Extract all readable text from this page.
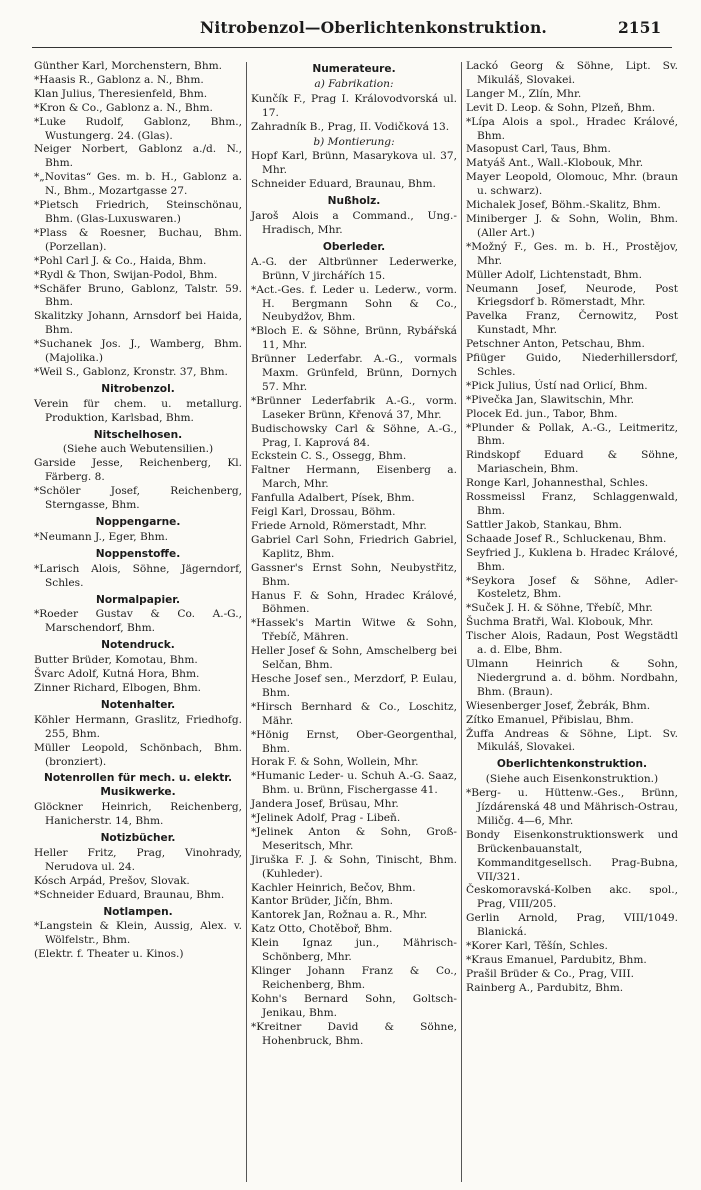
Nitrobenzol—Oberlichtenkonstruktion.	2151

Günther Karl, Morchenstern, Bhm.

*Haasis R., Gablonz a. N., Bhm.

Klan Julius, Theresienfeld, Bhm.

*Kron & Co., Gablonz a. N., Bhm.

*Luke Rudolf, Gablonz, Bhm., Wustungerg. 24. (Glas).

Neiger Norbert, Gablonz a./d. N., Bhm.

*„Novitas“ Ges. m. b. H., Gablonz a. N., Bhm., Mozartgasse 27.

*Pietsch Friedrich, Steinschönau, Bhm. (Glas-Luxuswaren.)

*Plass & Roesner, Buchau, Bhm. (Porzellan).

*Pohl Carl J. & Co., Haida, Bhm.

*Rydl & Thon, Swijan-Podol, Bhm.

*Schäfer Bruno, Gablonz, Talstr. 59. Bhm.

Skalitzky Johann, Arnsdorf bei Haida, Bhm.

*Suchanek Jos. J., Wamberg, Bhm. (Majolika.)

*Weil S., Gablonz, Kronstr. 37, Bhm.

Nitrobenzol.

Verein für chem. u. metallurg. Produktion, Karlsbad, Bhm.

Nitschelhosen.

(Siehe auch Webutensilien.)

Garside Jesse, Reichenberg, Kl. Färberg. 8.

*Schöler Josef, Reichenberg, Sterngasse, Bhm.

Noppengarne.

*Neumann J., Eger, Bhm.

Noppenstoffe.

*Larisch Alois, Söhne, Jägerndorf, Schles.

Normalpapier.

*Roeder Gustav & Co. A.-G., Marschendorf, Bhm.

Notendruck.

Butter Brüder, Komotau, Bhm.

Švarc Adolf, Kutná Hora, Bhm.

Zinner Richard, Elbogen, Bhm.

Notenhalter.

Köhler Hermann, Graslitz, Friedhofg. 255, Bhm.

Müller Leopold, Schönbach, Bhm. (bronziert).

Notenrollen für mech. u. elektr. Musikwerke.

Glöckner Heinrich, Reichenberg, Hanicherstr. 14, Bhm.

Notizbücher.

Heller Fritz, Prag, Vinohrady, Nerudova ul. 24.

Kósch Arpád, Prešov, Slovak.

*Schneider Eduard, Braunau, Bhm.

Notlampen.

*Langstein & Klein, Aussig, Alex. v. Wölfelstr., Bhm.

(Elektr. f. Theater u. Kinos.)

Numerateure.

a) Fabrikation:

Kunčík F., Prag I. Královodvorská ul. 17.

Zahradník B., Prag, II. Vodičková 13.

b) Montierung:

Hopf Karl, Brünn, Masarykova ul. 37, Mhr.

Schneider Eduard, Braunau, Bhm.

Nußholz.

Jaroš Alois a Command., Ung.-Hradisch, Mhr.

Oberleder.

A.-G. der Altbrünner Lederwerke, Brünn, V jirchářích 15.

*Act.-Ges. f. Leder u. Lederw., vorm. H. Bergmann Sohn & Co., Neubydžov, Bhm.

*Bloch E. & Söhne, Brünn, Rybářská 11, Mhr.

Brünner Lederfabr. A.-G., vormals Maxm. Grünfeld, Brünn, Dornych 57. Mhr.

*Brünner Lederfabrik A.-G., vorm. Laseker Brünn, Křenová 37, Mhr.

Budischowsky Carl & Söhne, A.-G., Prag, I. Kaprová 84.

Eckstein C. S., Ossegg, Bhm.

Faltner Hermann, Eisenberg a. March, Mhr.

Fanfulla Adalbert, Písek, Bhm.

Feigl Karl, Drossau, Böhm.

Friede Arnold, Römerstadt, Mhr.

Gabriel Carl Sohn, Friedrich Gabriel, Kaplitz, Bhm.

Gassner's Ernst Sohn, Neubystřitz, Bhm.

Hanus F. & Sohn, Hradec Králové, Böhmen.

*Hassek's Martin Witwe & Sohn, Třebíč, Mähren.

Heller Josef & Sohn, Amschelberg bei Selčan, Bhm.

Hesche Josef sen., Merzdorf, P. Eulau, Bhm.

*Hirsch Bernhard & Co., Loschitz, Mähr.

*Hönig Ernst, Ober-Georgenthal, Bhm.

Horak F. & Sohn, Wollein, Mhr.

*Humanic Leder- u. Schuh A.-G. Saaz, Bhm. u. Brünn, Fischergasse 41.

Jandera Josef, Brüsau, Mhr.

*Jelinek Adolf, Prag - Libeň.

*Jelinek Anton & Sohn, Groß-Meseritsch, Mhr.

Jiruška F. J. & Sohn, Tinischt, Bhm. (Kuhleder).

Kachler Heinrich, Bečov, Bhm.

Kantor Brüder, Jičín, Bhm.

Kantorek Jan, Rožnau a. R., Mhr.

Katz Otto, Chotěboř, Bhm.

Klein Ignaz jun., Mährisch-Schönberg, Mhr.

Klinger Johann Franz & Co., Reichenberg, Bhm.

Kohn's Bernard Sohn, Goltsch-Jenikau, Bhm.

*Kreitner David & Söhne, Hohenbruck, Bhm.

Lackó Georg & Söhne, Lipt. Sv. Mikuláš, Slovakei.

Langer M., Zlín, Mhr.

Levit D. Leop. & Sohn, Plzeň, Bhm.

*Lípa Alois a spol., Hradec Králové, Bhm.

Masopust Carl, Taus, Bhm.

Matyáš Ant., Wall.-Klobouk, Mhr.

Mayer Leopold, Olomouc, Mhr. (braun u. schwarz).

Michalek Josef, Böhm.-Skalitz, Bhm.

Miniberger J. & Sohn, Wolin, Bhm. (Aller Art.)

*Možný F., Ges. m. b. H., Prostějov, Mhr.

Müller Adolf, Lichtenstadt, Bhm.

Neumann Josef, Neurode, Post Kriegsdorf b. Römerstadt, Mhr.

Pavelka Franz, Černowitz, Post Kunstadt, Mhr.

Petschner Anton, Petschau, Bhm.

Pfiüger Guido, Niederhillersdorf, Schles.

*Pick Julius, Ústí nad Orlicí, Bhm.

*Pivečka Jan, Slawitschin, Mhr.

Plocek Ed. jun., Tabor, Bhm.

*Plunder & Pollak, A.-G., Leitmeritz, Bhm.

Rindskopf Eduard & Söhne, Mariaschein, Bhm.

Ronge Karl, Johannesthal, Schles.

Rossmeissl Franz, Schlaggenwald, Bhm.

Sattler Jakob, Stankau, Bhm.

Schaade Josef R., Schluckenau, Bhm.

Seyfried J., Kuklena b. Hradec Králové, Bhm.

*Seykora Josef & Söhne, Adler-Kosteletz, Bhm.

*Suček J. H. & Söhne, Třebíč, Mhr.

Šuchma Bratři, Wal. Klobouk, Mhr.

Tischer Alois, Radaun, Post Wegstädtl a. d. Elbe, Bhm.

Ulmann Heinrich & Sohn, Niedergrund a. d. böhm. Nordbahn, Bhm. (Braun).

Wiesenberger Josef, Žebrák, Bhm.

Zítko Emanuel, Přibislau, Bhm.

Žuffa Andreas & Söhne, Lipt. Sv. Mikuláš, Slovakei.

Oberlichtenkonstruktion.

(Siehe auch Eisenkonstruktion.)

*Berg- u. Hüttenw.-Ges., Brünn, Jízdárenská 48 und Mährisch-Ostrau, Miličg. 4—6, Mhr.

Bondy Eisenkonstruktionswerk und Brückenbauanstalt, Kommanditgesellsch. Prag-Bubna, VII/321.

Českomoravská-Kolben akc. spol., Prag, VIII/205.

Gerlin Arnold, Prag, VIII/1049. Blanická.

*Korer Karl, Těšín, Schles.

*Kraus Emanuel, Pardubitz, Bhm.

Prašil Brüder & Co., Prag, VIII.

Rainberg A., Pardubitz, Bhm.
